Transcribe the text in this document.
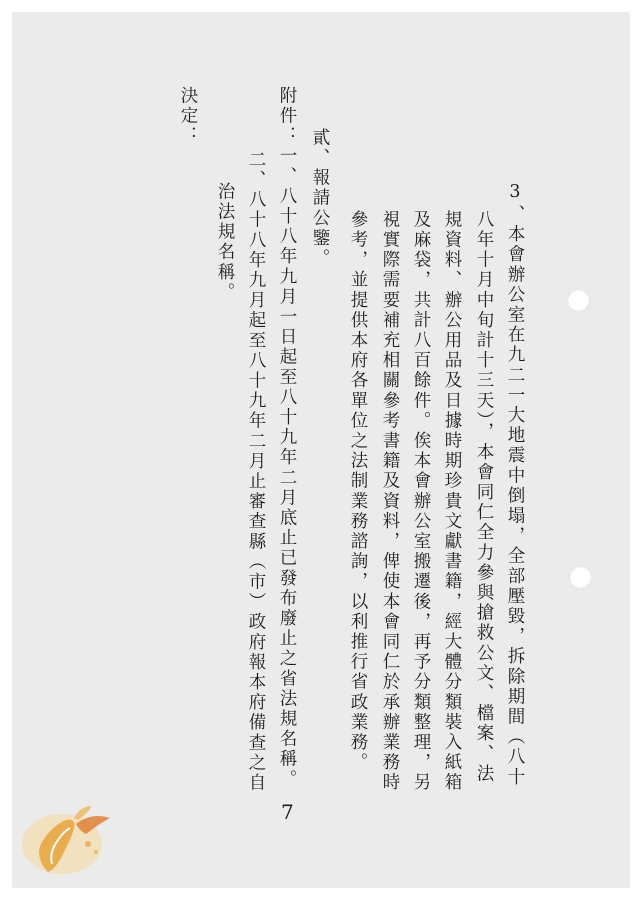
3、本會辦公室在九二一大地震中倒塌，全部壓毀，拆除期間（八十
八年十月中旬計十三天），本會同仁全力參與搶救公文、檔案、法
規資料、辦公用品及日據時期珍貴文獻書籍，經大體分類裝入紙箱
及麻袋，共計八百餘件。俟本會辦公室搬遷後，再予分類整理，另
視實際需要補充相關參考書籍及資料，俾使本會同仁於承辦業務時
參考，並提供本府各單位之法制業務諮詢，以利推行省政業務。
貳、報請公鑒。
附件：一、八十八年九月一日起至八十九年二月底止已發布廢止之省法規名稱。
二、八十八年九月起至八十九年二月止審查縣（市）政府報本府備查之自
治法規名稱。
決定：
7
